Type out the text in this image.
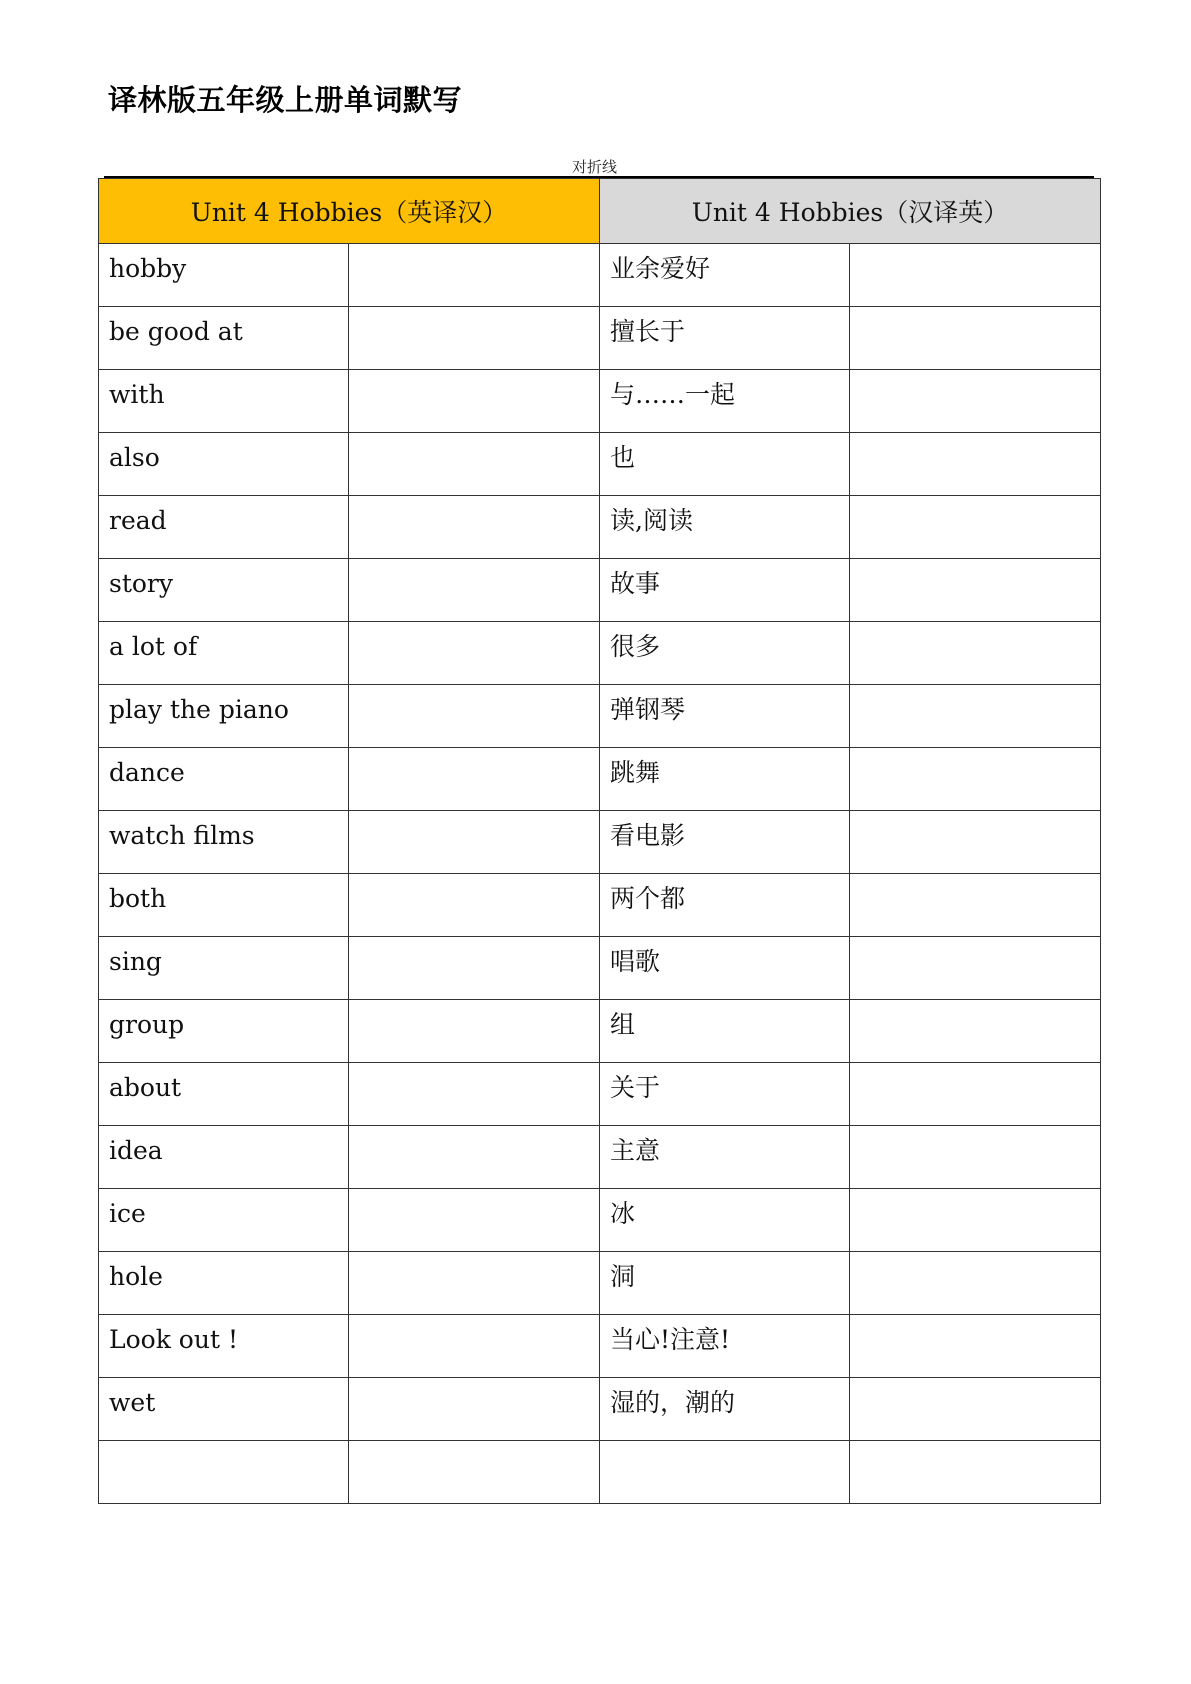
译林版五年级上册单词默写
对折线
Unit 4 Hobbies（英译汉）		Unit 4 Hobbies（汉译英）	

hobby		业余爱好	

be good at		擅长于	

with		与……一起	

also		也	

read		读,阅读	

story		故事	

a lot of		很多	

play the piano		弹钢琴	

dance		跳舞	

watch films		看电影	

both		两个都	

sing		唱歌	

group		组	

about		关于	

idea		主意	

ice		冰	

hole		洞	

Look out !		当心!注意!	

wet		湿的，潮的	
